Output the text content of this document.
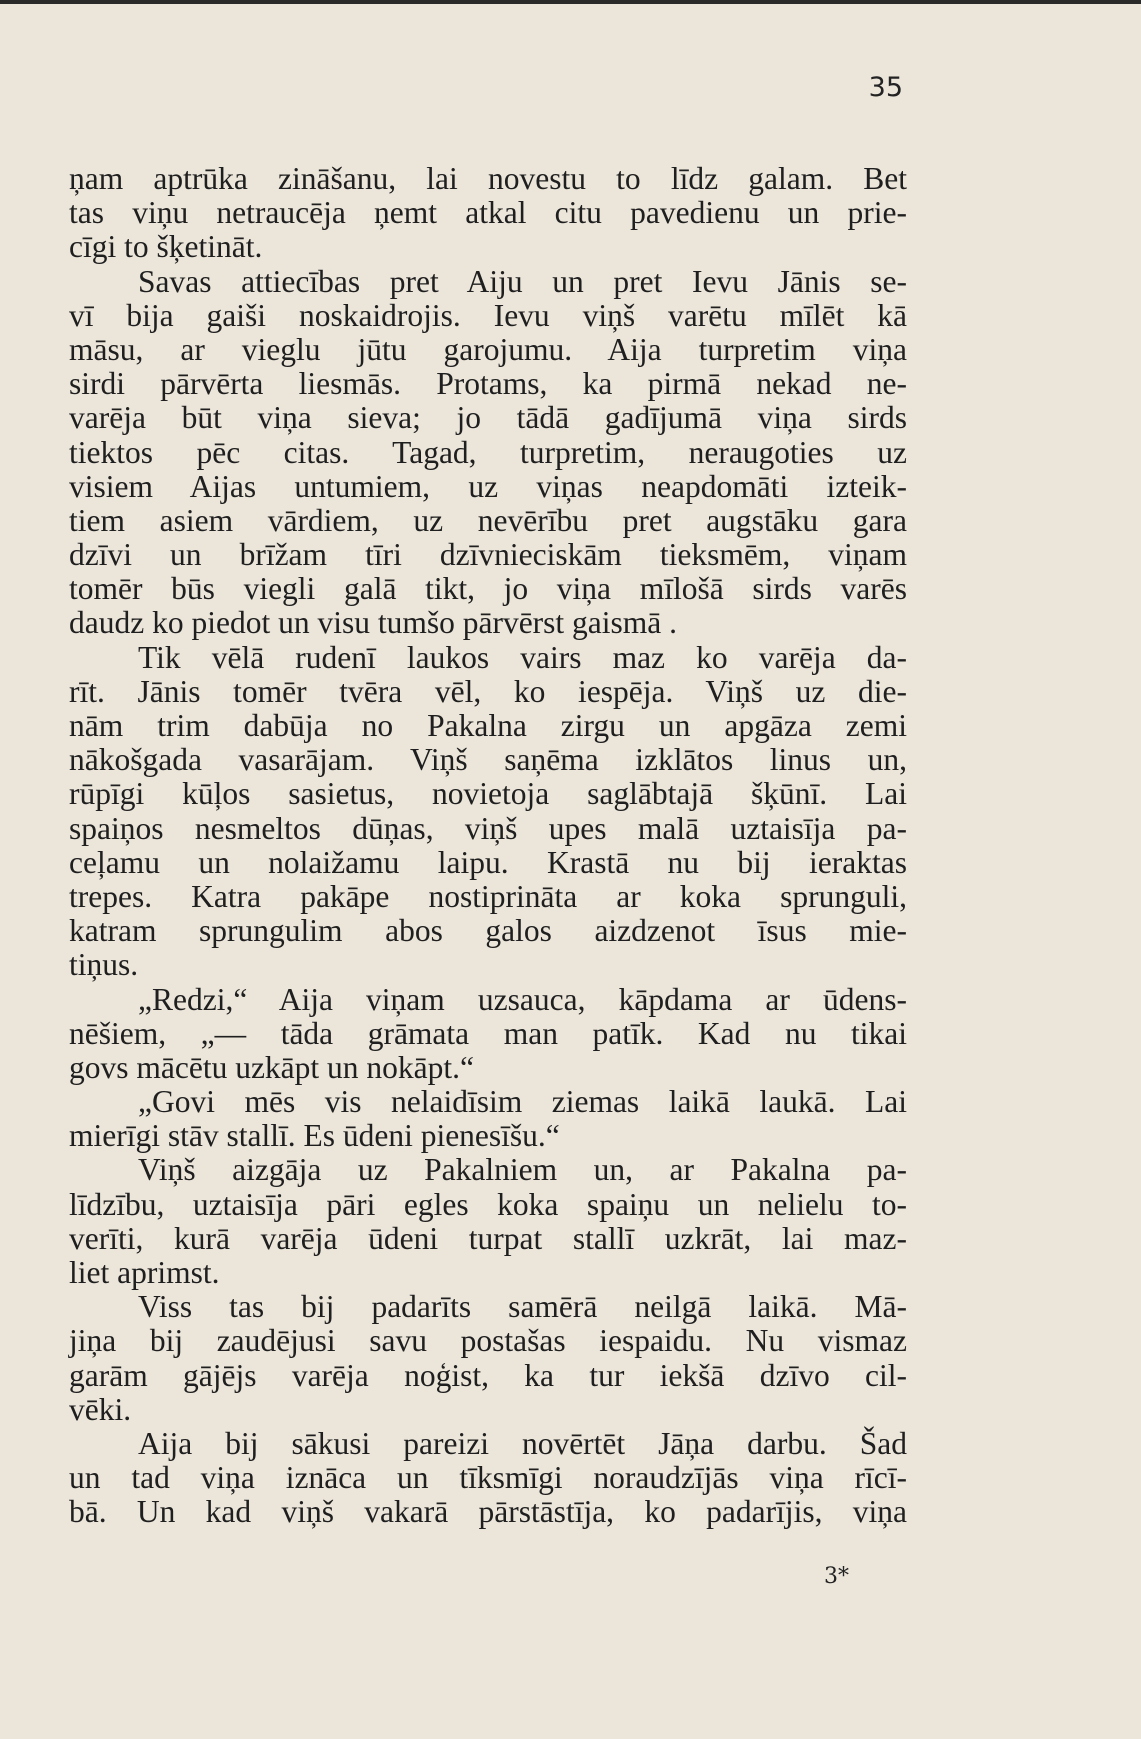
35
ņam aptrūka zināšanu, lai novestu to līdz galam. Bet
tas viņu netraucēja ņemt atkal citu pavedienu un prie-
cīgi to šķetināt.
Savas attiecības pret Aiju un pret Ievu Jānis se-
vī bija gaiši noskaidrojis. Ievu viņš varētu mīlēt kā
māsu, ar vieglu jūtu garojumu. Aija turpretim viņa
sirdi pārvērta liesmās. Protams, ka pirmā nekad ne-
varēja būt viņa sieva; jo tādā gadījumā viņa sirds
tiektos pēc citas. Tagad, turpretim, neraugoties uz
visiem Aijas untumiem, uz viņas neapdomāti izteik-
tiem asiem vārdiem, uz nevērību pret augstāku gara
dzīvi un brīžam tīri dzīvnieciskām tieksmēm, viņam
tomēr būs viegli galā tikt, jo viņa mīlošā sirds varēs
daudz ko piedot un visu tumšo pārvērst gaismā .
Tik vēlā rudenī laukos vairs maz ko varēja da-
rīt. Jānis tomēr tvēra vēl, ko iespēja. Viņš uz die-
nām trim dabūja no Pakalna zirgu un apgāza zemi
nākošgada vasarājam. Viņš saņēma izklātos linus un,
rūpīgi kūļos sasietus, novietoja saglābtajā šķūnī. Lai
spaiņos nesmeltos dūņas, viņš upes malā uztaisīja pa-
ceļamu un nolaižamu laipu. Krastā nu bij ieraktas
trepes. Katra pakāpe nostiprināta ar koka sprunguli,
katram sprungulim abos galos aizdzenot īsus mie-
tiņus.
„Redzi,“ Aija viņam uzsauca, kāpdama ar ūdens-
nēšiem, „— tāda grāmata man patīk. Kad nu tikai
govs mācētu uzkāpt un nokāpt.“
„Govi mēs vis nelaidīsim ziemas laikā laukā. Lai
mierīgi stāv stallī. Es ūdeni pienesīšu.“
Viņš aizgāja uz Pakalniem un, ar Pakalna pa-
līdzību, uztaisīja pāri egles koka spaiņu un nelielu to-
verīti, kurā varēja ūdeni turpat stallī uzkrāt, lai maz-
liet aprimst.
Viss tas bij padarīts samērā neilgā laikā. Mā-
jiņa bij zaudējusi savu postašas iespaidu. Nu vismaz
garām gājējs varēja noģist, ka tur iekšā dzīvo cil-
vēki.
Aija bij sākusi pareizi novērtēt Jāņa darbu. Šad
un tad viņa iznāca un tīksmīgi noraudzījās viņa rīcī-
bā. Un kad viņš vakarā pārstāstīja, ko padarījis, viņa
3*
